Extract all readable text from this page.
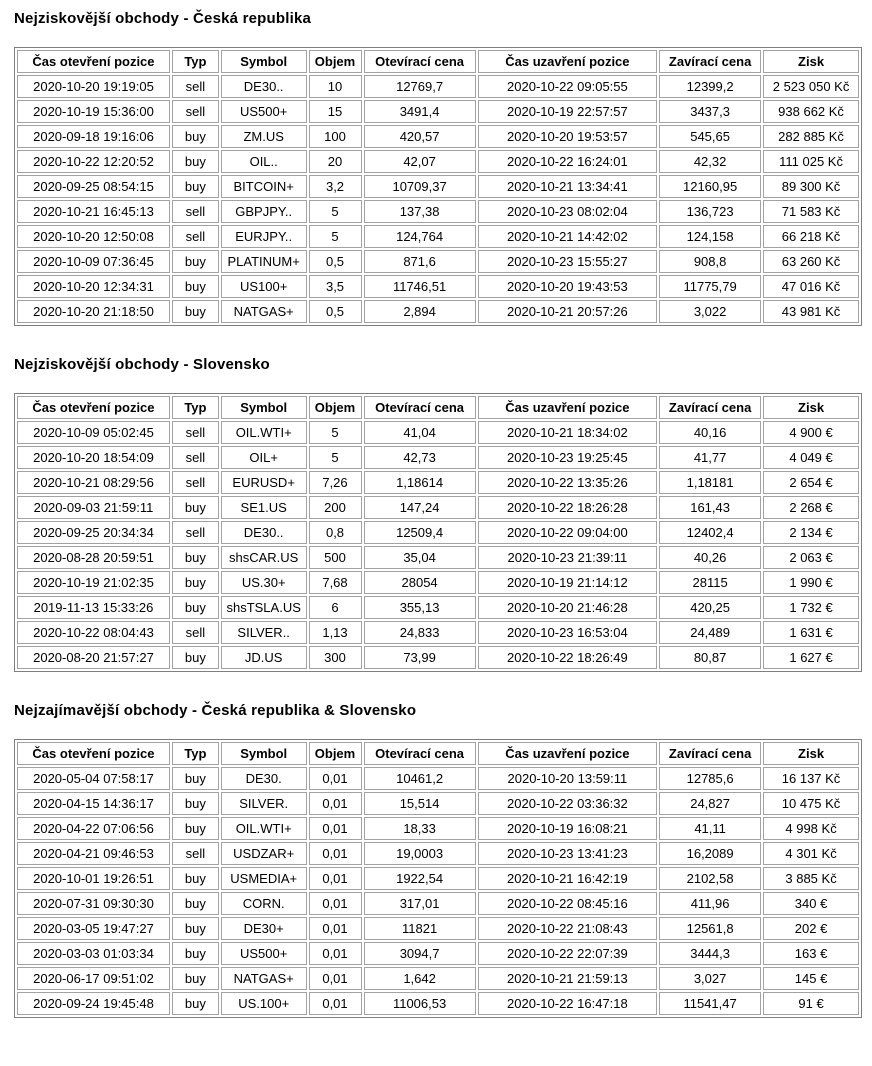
Nejziskovější obchody - Česká republika
Čas otevření pozice	Typ	Symbol	Objem	Otevírací cena	Čas uzavření pozice	Zavírací cena	Zisk
2020-10-20 19:19:05	sell	DE30..	10	12769,7	2020-10-22 09:05:55	12399,2	2 523 050 Kč
2020-10-19 15:36:00	sell	US500+	15	3491,4	2020-10-19 22:57:57	3437,3	938 662 Kč
2020-09-18 19:16:06	buy	ZM.US	100	420,57	2020-10-20 19:53:57	545,65	282 885 Kč
2020-10-22 12:20:52	buy	OIL..	20	42,07	2020-10-22 16:24:01	42,32	111 025 Kč
2020-09-25 08:54:15	buy	BITCOIN+	3,2	10709,37	2020-10-21 13:34:41	12160,95	89 300 Kč
2020-10-21 16:45:13	sell	GBPJPY..	5	137,38	2020-10-23 08:02:04	136,723	71 583 Kč
2020-10-20 12:50:08	sell	EURJPY..	5	124,764	2020-10-21 14:42:02	124,158	66 218 Kč
2020-10-09 07:36:45	buy	PLATINUM+	0,5	871,6	2020-10-23 15:55:27	908,8	63 260 Kč
2020-10-20 12:34:31	buy	US100+	3,5	11746,51	2020-10-20 19:43:53	11775,79	47 016 Kč
2020-10-20 21:18:50	buy	NATGAS+	0,5	2,894	2020-10-21 20:57:26	3,022	43 981 Kč
Nejziskovější obchody - Slovensko
Čas otevření pozice	Typ	Symbol	Objem	Otevírací cena	Čas uzavření pozice	Zavírací cena	Zisk
2020-10-09 05:02:45	sell	OIL.WTI+	5	41,04	2020-10-21 18:34:02	40,16	4 900 €
2020-10-20 18:54:09	sell	OIL+	5	42,73	2020-10-23 19:25:45	41,77	4 049 €
2020-10-21 08:29:56	sell	EURUSD+	7,26	1,18614	2020-10-22 13:35:26	1,18181	2 654 €
2020-09-03 21:59:11	buy	SE1.US	200	147,24	2020-10-22 18:26:28	161,43	2 268 €
2020-09-25 20:34:34	sell	DE30..	0,8	12509,4	2020-10-22 09:04:00	12402,4	2 134 €
2020-08-28 20:59:51	buy	shsCAR.US	500	35,04	2020-10-23 21:39:11	40,26	2 063 €
2020-10-19 21:02:35	buy	US.30+	7,68	28054	2020-10-19 21:14:12	28115	1 990 €
2019-11-13 15:33:26	buy	shsTSLA.US	6	355,13	2020-10-20 21:46:28	420,25	1 732 €
2020-10-22 08:04:43	sell	SILVER..	1,13	24,833	2020-10-23 16:53:04	24,489	1 631 €
2020-08-20 21:57:27	buy	JD.US	300	73,99	2020-10-22 18:26:49	80,87	1 627 €
Nejzajímavější obchody - Česká republika & Slovensko
Čas otevření pozice	Typ	Symbol	Objem	Otevírací cena	Čas uzavření pozice	Zavírací cena	Zisk
2020-05-04 07:58:17	buy	DE30.	0,01	10461,2	2020-10-20 13:59:11	12785,6	16 137 Kč
2020-04-15 14:36:17	buy	SILVER.	0,01	15,514	2020-10-22 03:36:32	24,827	10 475 Kč
2020-04-22 07:06:56	buy	OIL.WTI+	0,01	18,33	2020-10-19 16:08:21	41,11	4 998 Kč
2020-04-21 09:46:53	sell	USDZAR+	0,01	19,0003	2020-10-23 13:41:23	16,2089	4 301 Kč
2020-10-01 19:26:51	buy	USMEDIA+	0,01	1922,54	2020-10-21 16:42:19	2102,58	3 885 Kč
2020-07-31 09:30:30	buy	CORN.	0,01	317,01	2020-10-22 08:45:16	411,96	340 €
2020-03-05 19:47:27	buy	DE30+	0,01	11821	2020-10-22 21:08:43	12561,8	202 €
2020-03-03 01:03:34	buy	US500+	0,01	3094,7	2020-10-22 22:07:39	3444,3	163 €
2020-06-17 09:51:02	buy	NATGAS+	0,01	1,642	2020-10-21 21:59:13	3,027	145 €
2020-09-24 19:45:48	buy	US.100+	0,01	11006,53	2020-10-22 16:47:18	11541,47	91 €
